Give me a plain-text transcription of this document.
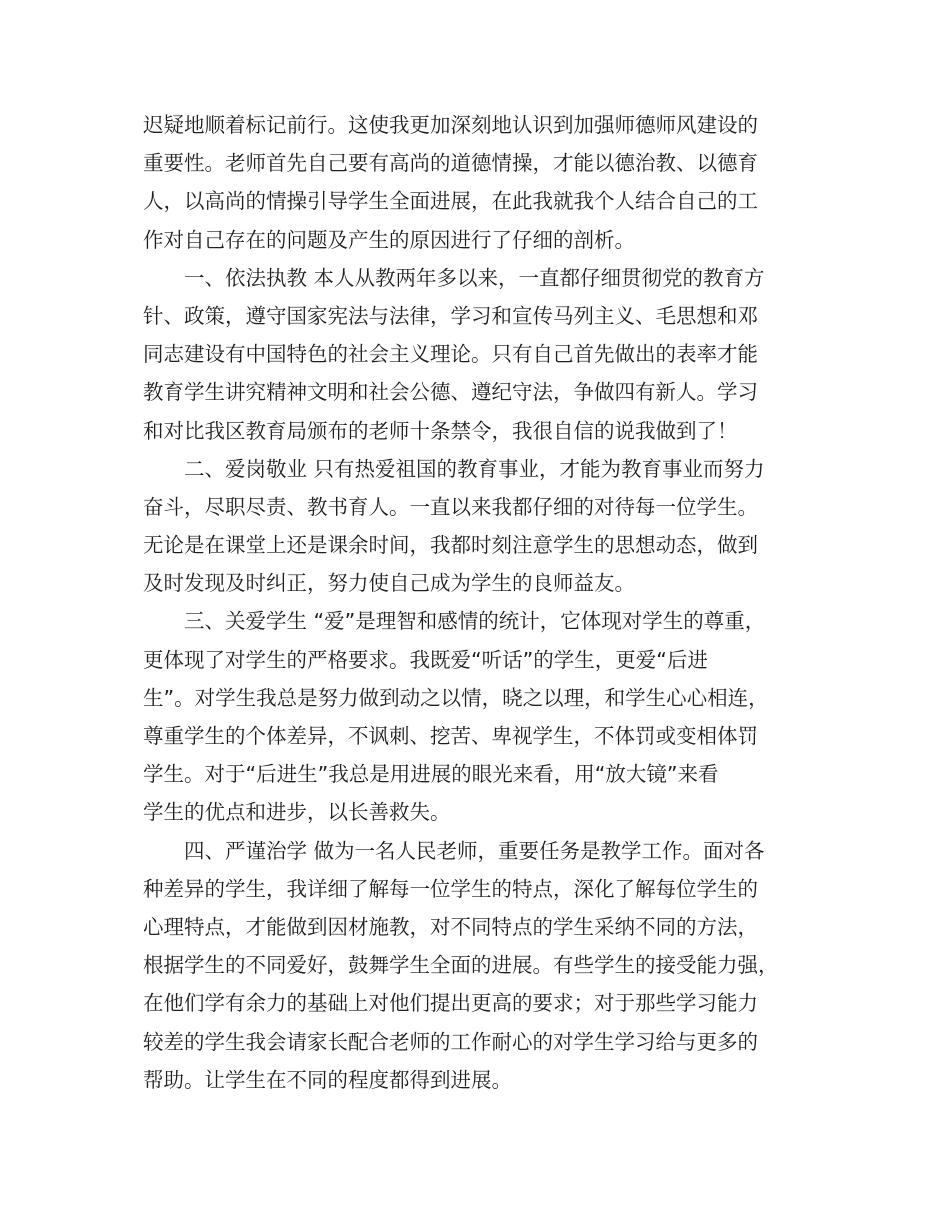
迟疑地顺着标记前行。这使我更加深刻地认识到加强师德师风建设的
重要性。老师首先自己要有高尚的道德情操，才能以德治教、以德育
人，以高尚的情操引导学生全面进展，在此我就我个人结合自己的工
作对自己存在的问题及产生的原因进行了仔细的剖析。
　　一、依法执教 本人从教两年多以来，一直都仔细贯彻党的教育方
针、政策，遵守国家宪法与法律，学习和宣传马列主义、毛思想和邓
同志建设有中国特色的社会主义理论。只有自己首先做出的表率才能
教育学生讲究精神文明和社会公德、遵纪守法，争做四有新人。学习
和对比我区教育局颁布的老师十条禁令，我很自信的说我做到了！
　　二、爱岗敬业 只有热爱祖国的教育事业，才能为教育事业而努力
奋斗，尽职尽责、教书育人。一直以来我都仔细的对待每一位学生。
无论是在课堂上还是课余时间，我都时刻注意学生的思想动态，做到
及时发现及时纠正，努力使自己成为学生的良师益友。
　　三、关爱学生 “爱”是理智和感情的统计，它体现对学生的尊重，
更体现了对学生的严格要求。我既爱“听话”的学生，更爱“后进
生”。对学生我总是努力做到动之以情，晓之以理，和学生心心相连，
尊重学生的个体差异，不讽刺、挖苦、卑视学生，不体罚或变相体罚
学生。对于“后进生”我总是用进展的眼光来看，用“放大镜”来看
学生的优点和进步，以长善救失。
　　四、严谨治学 做为一名人民老师，重要任务是教学工作。面对各
种差异的学生，我详细了解每一位学生的特点，深化了解每位学生的
心理特点，才能做到因材施教，对不同特点的学生采纳不同的方法，
根据学生的不同爱好，鼓舞学生全面的进展。有些学生的接受能力强，
在他们学有余力的基础上对他们提出更高的要求；对于那些学习能力
较差的学生我会请家长配合老师的工作耐心的对学生学习给与更多的
帮助。让学生在不同的程度都得到进展。
